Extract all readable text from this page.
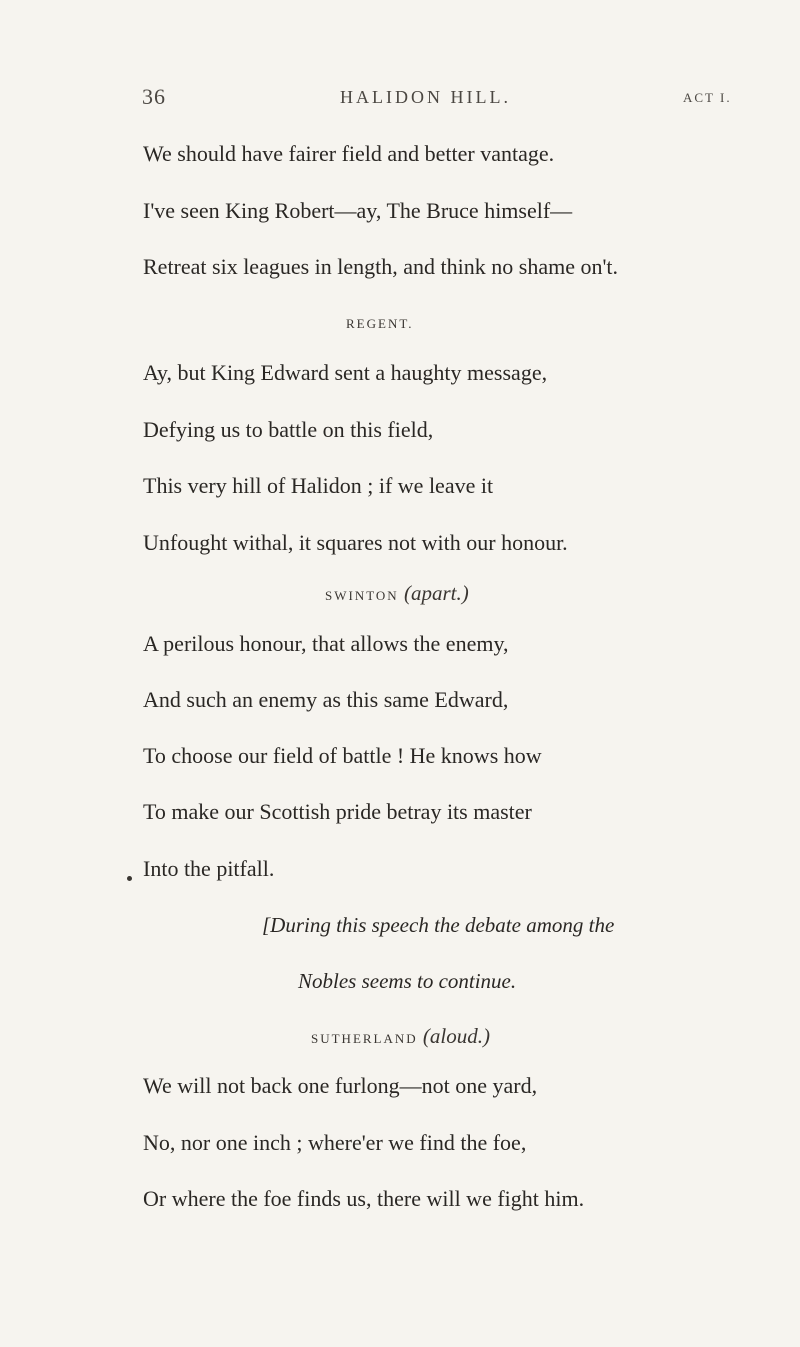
36	HALIDON HILL.	ACT I.
We should have fairer field and better vantage.
I've seen King Robert—ay, The Bruce himself—
Retreat six leagues in length, and think no shame on't.
REGENT.
Ay, but King Edward sent a haughty message,
Defying us to battle on this field,
This very hill of Halidon ; if we leave it
Unfought withal, it squares not with our honour.
SWINTON (apart.)
A perilous honour, that allows the enemy,
And such an enemy as this same Edward,
To choose our field of battle ! He knows how
To make our Scottish pride betray its master
Into the pitfall.
[During this speech the debate among the
Nobles seems to continue.
SUTHERLAND (aloud.)
We will not back one furlong—not one yard,
No, nor one inch ; where'er we find the foe,
Or where the foe finds us, there will we fight him.
